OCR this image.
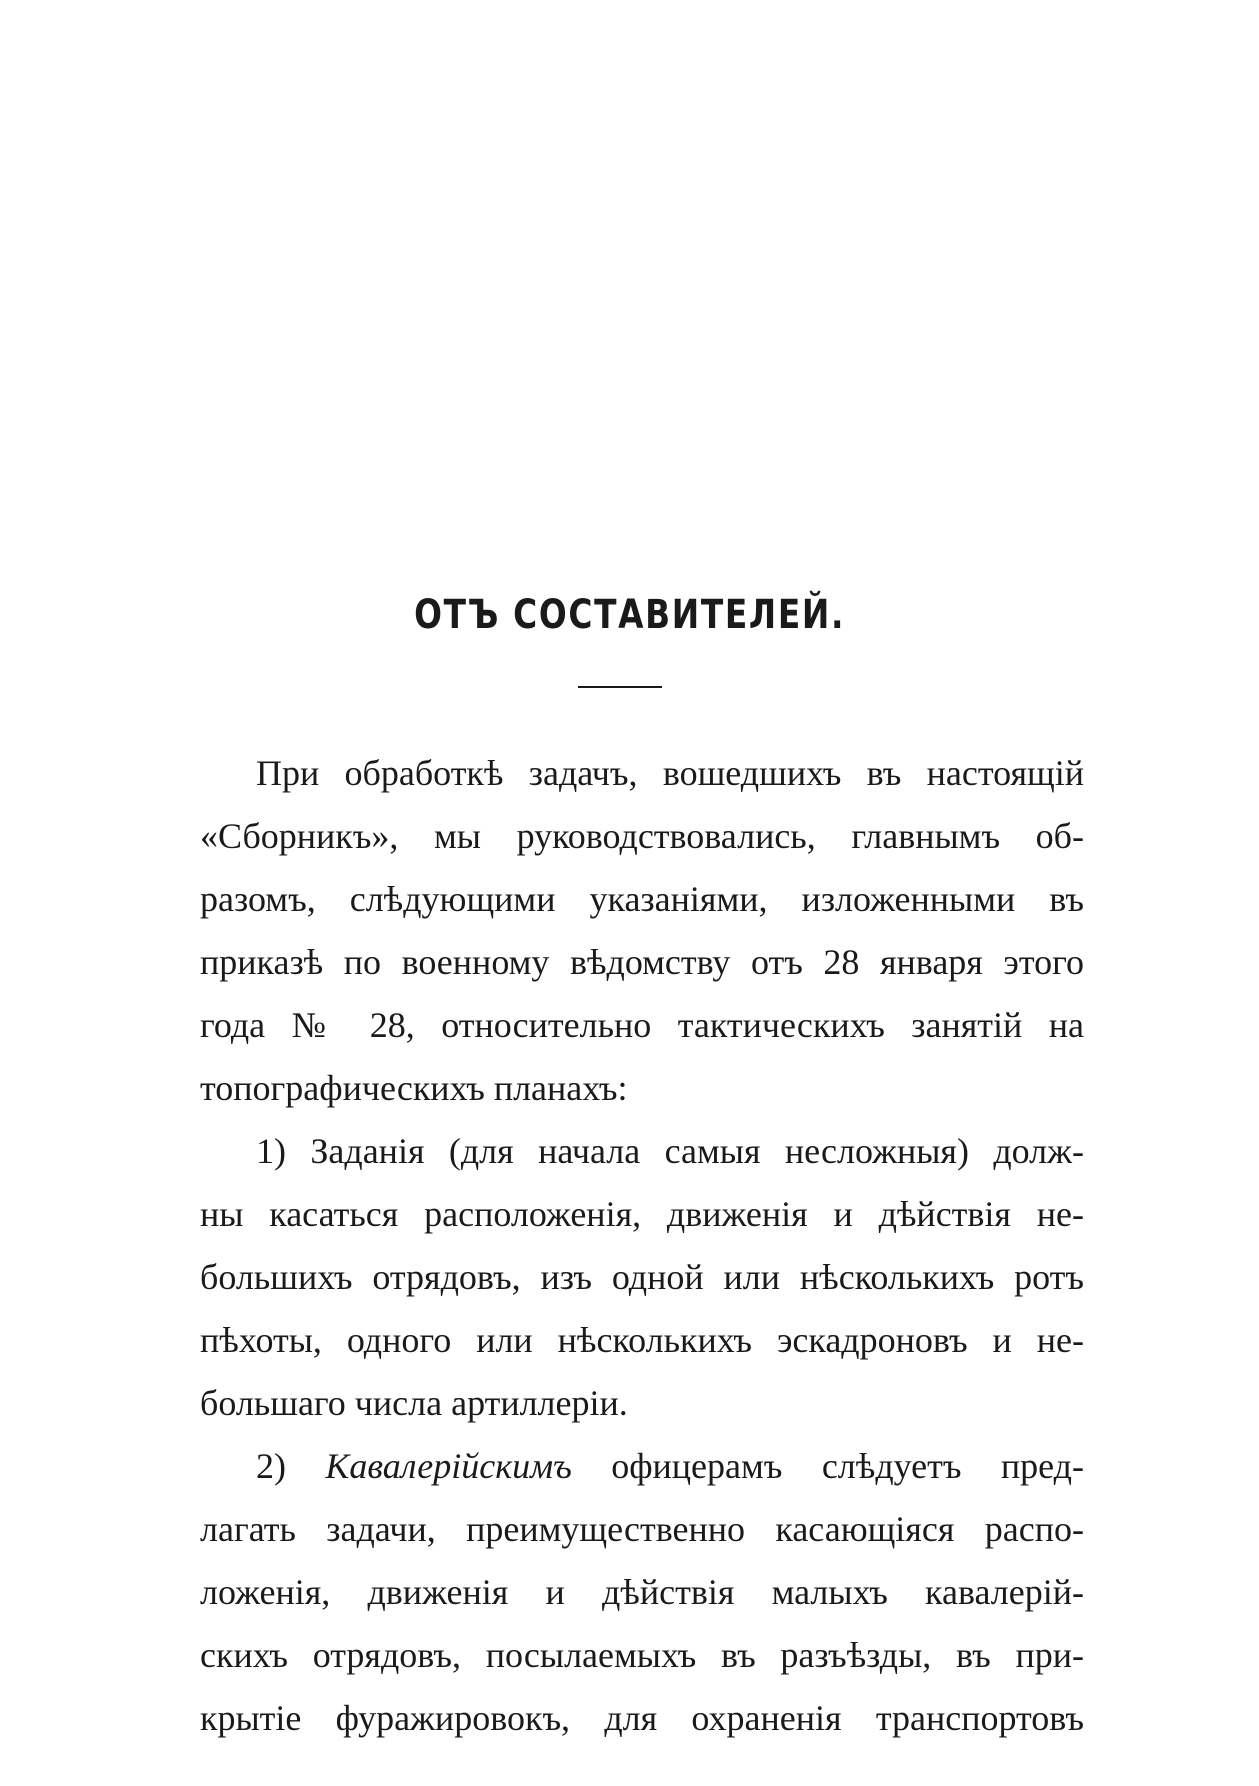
ОТЪ СОСТАВИТЕЛЕЙ.
При обработкѣ задачъ, вошедшихъ въ настоящій
«Сборникъ», мы руководствовались, главнымъ об-
разомъ, слѣдующими указаніями, изложенными въ
приказѣ по военному вѣдомству отъ 28 января этого
года № 28, относительно тактическихъ занятій на
топографическихъ планахъ:
1) Заданія (для начала самыя несложныя) долж-
ны касаться расположенія, движенія и дѣйствія не-
большихъ отрядовъ, изъ одной или нѣсколькихъ ротъ
пѣхоты, одного или нѣсколькихъ эскадроновъ и не-
большаго числа артиллеріи.
2) Кавалерійскимъ офицерамъ слѣдуетъ пред-
лагать задачи, преимущественно касающіяся распо-
ложенія, движенія и дѣйствія малыхъ кавалерій-
скихъ отрядовъ, посылаемыхъ въ разъѣзды, въ при-
крытіе фуражировокъ, для охраненія транспортовъ
